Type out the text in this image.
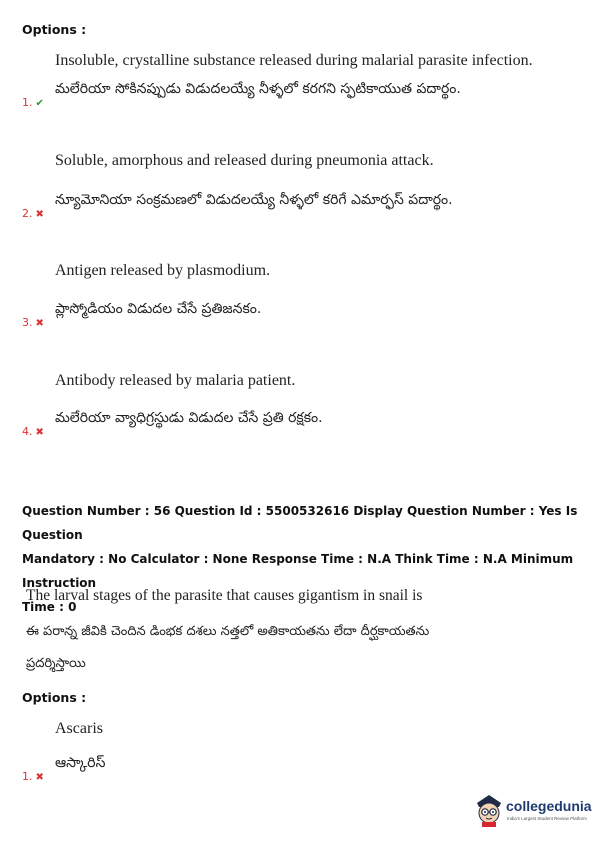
Options :
Insoluble, crystalline substance released during malarial parasite infection.
మలేరియా సోకినప్పుడు విడుదలయ్యే నీళ్ళలో కరగని స్ఫటికాయుత పదార్థం.
1. ✔
Soluble, amorphous and released during pneumonia attack.
న్యూమోనియా సంక్రమణలో విడుదలయ్యే నీళ్ళలో కరిగే ఎమార్ఫస్ పదార్థం.
2. ✖
Antigen released by plasmodium.
ప్లాస్మోడియం విడుదల చేసే ప్రతిజనకం.
3. ✖
Antibody released by malaria patient.
మలేరియా వ్యాధిగ్రస్థుడు విడుదల చేసే ప్రతి రక్షకం.
4. ✖
Question Number : 56 Question Id : 5500532616 Display Question Number : Yes Is Question
Mandatory : No Calculator : None Response Time : N.A Think Time : N.A Minimum Instruction
Time : 0
The larval stages of the parasite that causes gigantism in snail is
ఈ పరాన్న జీవికి చెందిన డింభక దశలు నత్తలో అతికాయతను లేదా దీర్ఘకాయతను
ప్రదర్శిస్తాయి
Options :
Ascaris
ఆస్కారిస్
1. ✖
collegedunia
India's Largest Student Review Platform
